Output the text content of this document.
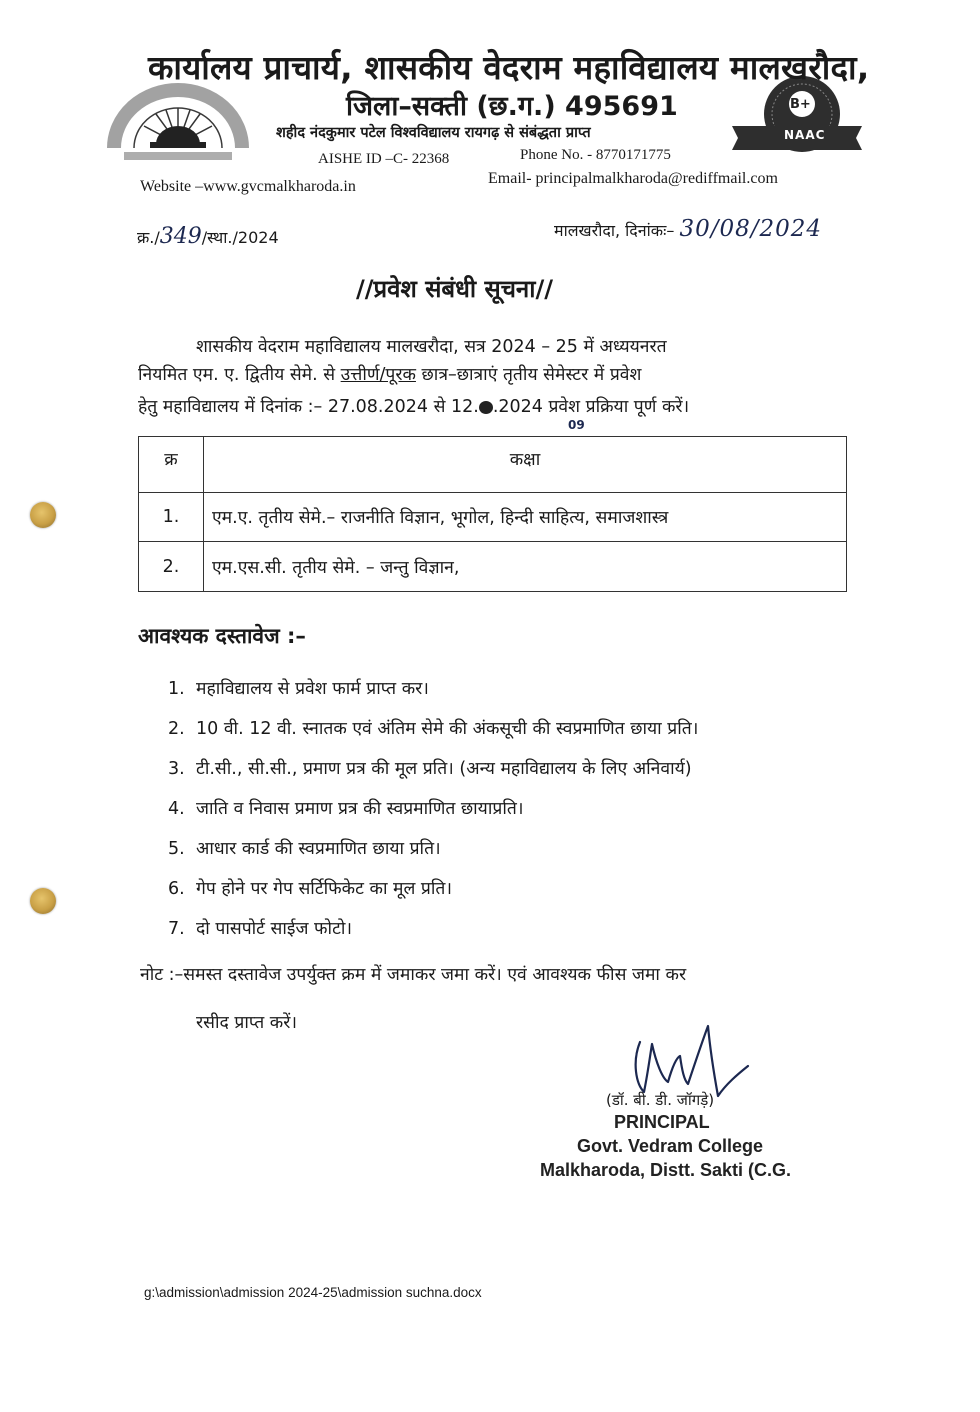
B+
NAAC
कार्यालय प्राचार्य, शासकीय वेदराम महाविद्यालय मालखरौदा,
जिला–सक्ती (छ.ग.) 495691
शहीद नंदकुमार पटेल विश्वविद्यालय रायगढ़ से संबंद्धता प्राप्त
AISHE ID –C- 22368	Phone No. - 8770171775
Website –www.gvcmalkharoda.in	Email- principalmalkharoda@rediffmail.com
क्र./349/स्था./2024	मालखरौदा, दिनांकः– 30/08/2024
//प्रवेश संबंधी सूचना//
शासकीय वेदराम महाविद्यालय मालखरौदा, सत्र 2024 – 25 में अध्ययनरत
नियमित एम. ए. द्वितीय सेमे. से उत्तीर्ण/पूरक छात्र–छात्राएं तृतीय सेमेस्टर में प्रवेश
हेतु महाविद्यालय में दिनांक :– 27.08.2024 से 12. .2024 प्रवेश प्रक्रिया पूर्ण करें।
09
क्र	कक्षा
1.	एम.ए. तृतीय सेमे.– राजनीति विज्ञान, भूगोल, हिन्दी साहित्य, समाजशास्त्र
2.	एम.एस.सी. तृतीय सेमे. – जन्तु विज्ञान,
आवश्यक दस्तावेज :–
1. महाविद्यालय से प्रवेश फार्म प्राप्त कर।
2. 10 वी. 12 वी. स्नातक एवं अंतिम सेमे की अंकसूची की स्वप्रमाणित छाया प्रति।
3. टी.सी., सी.सी., प्रमाण प्रत्र की मूल प्रति। (अन्य महाविद्यालय के लिए अनिवार्य)
4. जाति व निवास प्रमाण प्रत्र की स्वप्रमाणित छायाप्रति।
5. आधार कार्ड की स्वप्रमाणित छाया प्रति।
6. गेप होने पर गेप सर्टिफिकेट का मूल प्रति।
7. दो पासपोर्ट साईज फोटो।
नोट :–समस्त दस्तावेज उपर्युक्त क्रम में जमाकर जमा करें। एवं आवश्यक फीस जमा कर
रसीद प्राप्त करें।
(डॉ. बी. डी. जॉगड़े)
PRINCIPAL
Govt. Vedram College
Malkharoda, Distt. Sakti (C.G.
g:\admission\admission 2024-25\admission suchna.docx
